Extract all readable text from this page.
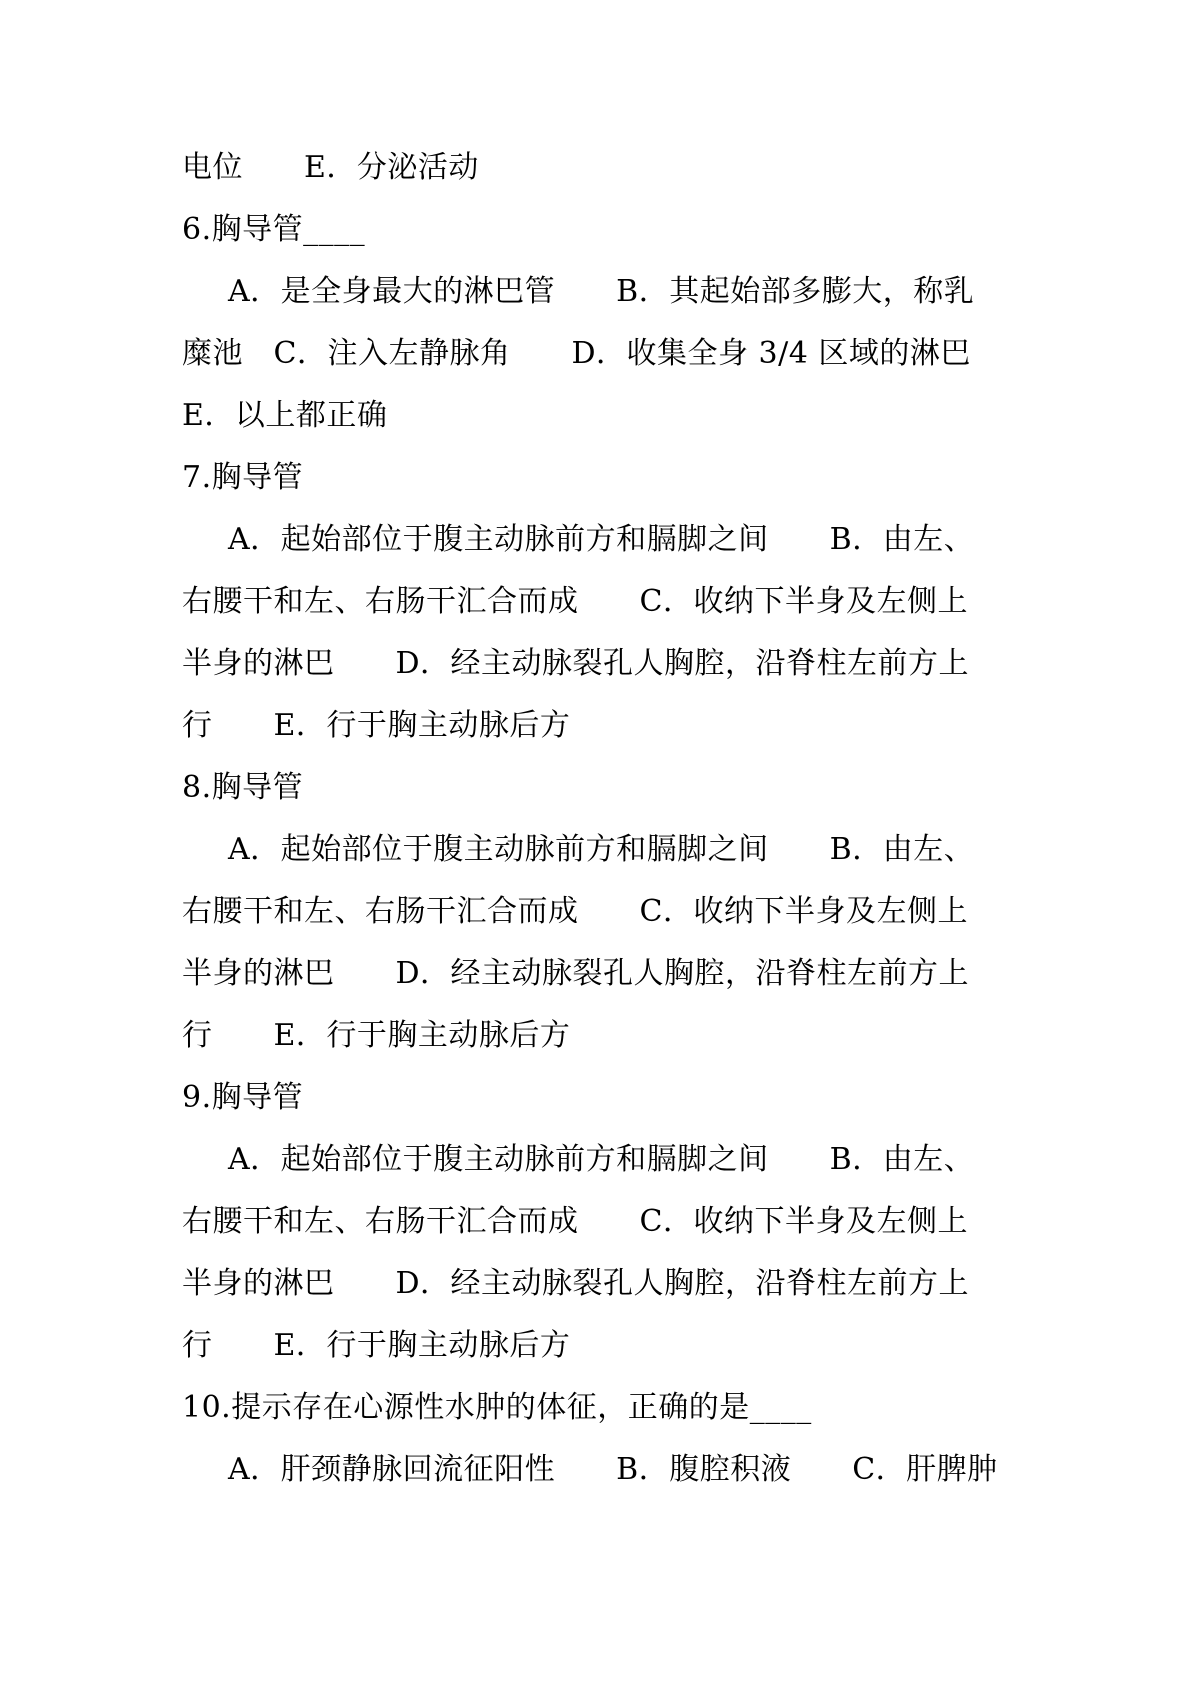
电位　　E．分泌活动
6.胸导管____
A．是全身最大的淋巴管　　B．其起始部多膨大，称乳
糜池　C．注入左静脉角　　D．收集全身 3/4 区域的淋巴
E．以上都正确
7.胸导管
A．起始部位于腹主动脉前方和膈脚之间　　B．由左、
右腰干和左、右肠干汇合而成　　C．收纳下半身及左侧上
半身的淋巴　　D．经主动脉裂孔人胸腔，沿脊柱左前方上
行　　E．行于胸主动脉后方
8.胸导管
A．起始部位于腹主动脉前方和膈脚之间　　B．由左、
右腰干和左、右肠干汇合而成　　C．收纳下半身及左侧上
半身的淋巴　　D．经主动脉裂孔人胸腔，沿脊柱左前方上
行　　E．行于胸主动脉后方
9.胸导管
A．起始部位于腹主动脉前方和膈脚之间　　B．由左、
右腰干和左、右肠干汇合而成　　C．收纳下半身及左侧上
半身的淋巴　　D．经主动脉裂孔人胸腔，沿脊柱左前方上
行　　E．行于胸主动脉后方
10.提示存在心源性水肿的体征，正确的是____
A．肝颈静脉回流征阳性　　B．腹腔积液　　C．肝脾肿
